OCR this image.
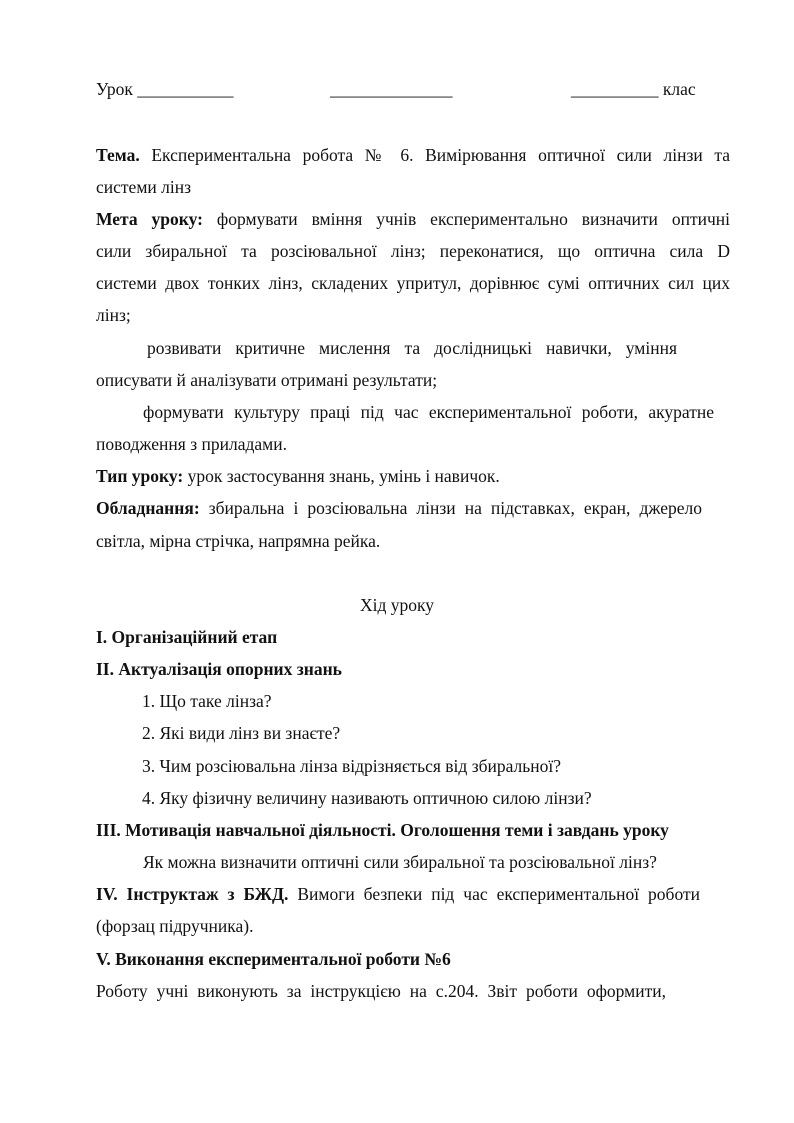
Урок ___________	______________	__________ клас
Тема. Експериментальна робота № 6. Вимірювання оптичної сили лінзи та
системи лінз
Мета уроку: формувати вміння учнів експериментально визначити оптичні
сили збиральної та розсіювальної лінз; переконатися, що оптична сила D
системи двох тонких лінз, складених упритул, дорівнює сумі оптичних сил цих
лінз;
розвивати критичне мислення та дослідницькі навички, уміння
описувати й аналізувати отримані результати;
формувати культуру праці під час експериментальної роботи, акуратне
поводження з приладами.
Тип уроку: урок застосування знань, умінь і навичок.
Обладнання: збиральна і розсіювальна лінзи на підставках, екран, джерело
світла, мірна стрічка, напрямна рейка.
Хід уроку
І. Організаційний етап
ІІ. Актуалізація опорних знань
1. Що таке лінза?
2. Які види лінз ви знаєте?
3. Чим розсіювальна лінза відрізняється від збиральної?
4. Яку фізичну величину називають оптичною силою лінзи?
ІІІ. Мотивація навчальної діяльності. Оголошення теми і завдань уроку
Як можна визначити оптичні сили збиральної та розсіювальної лінз?
IV. Інструктаж з БЖД. Вимоги безпеки під час експериментальної роботи
(форзац підручника).
V. Виконання експериментальної роботи №6
Роботу учні виконують за інструкцією на с.204. Звіт роботи оформити,
